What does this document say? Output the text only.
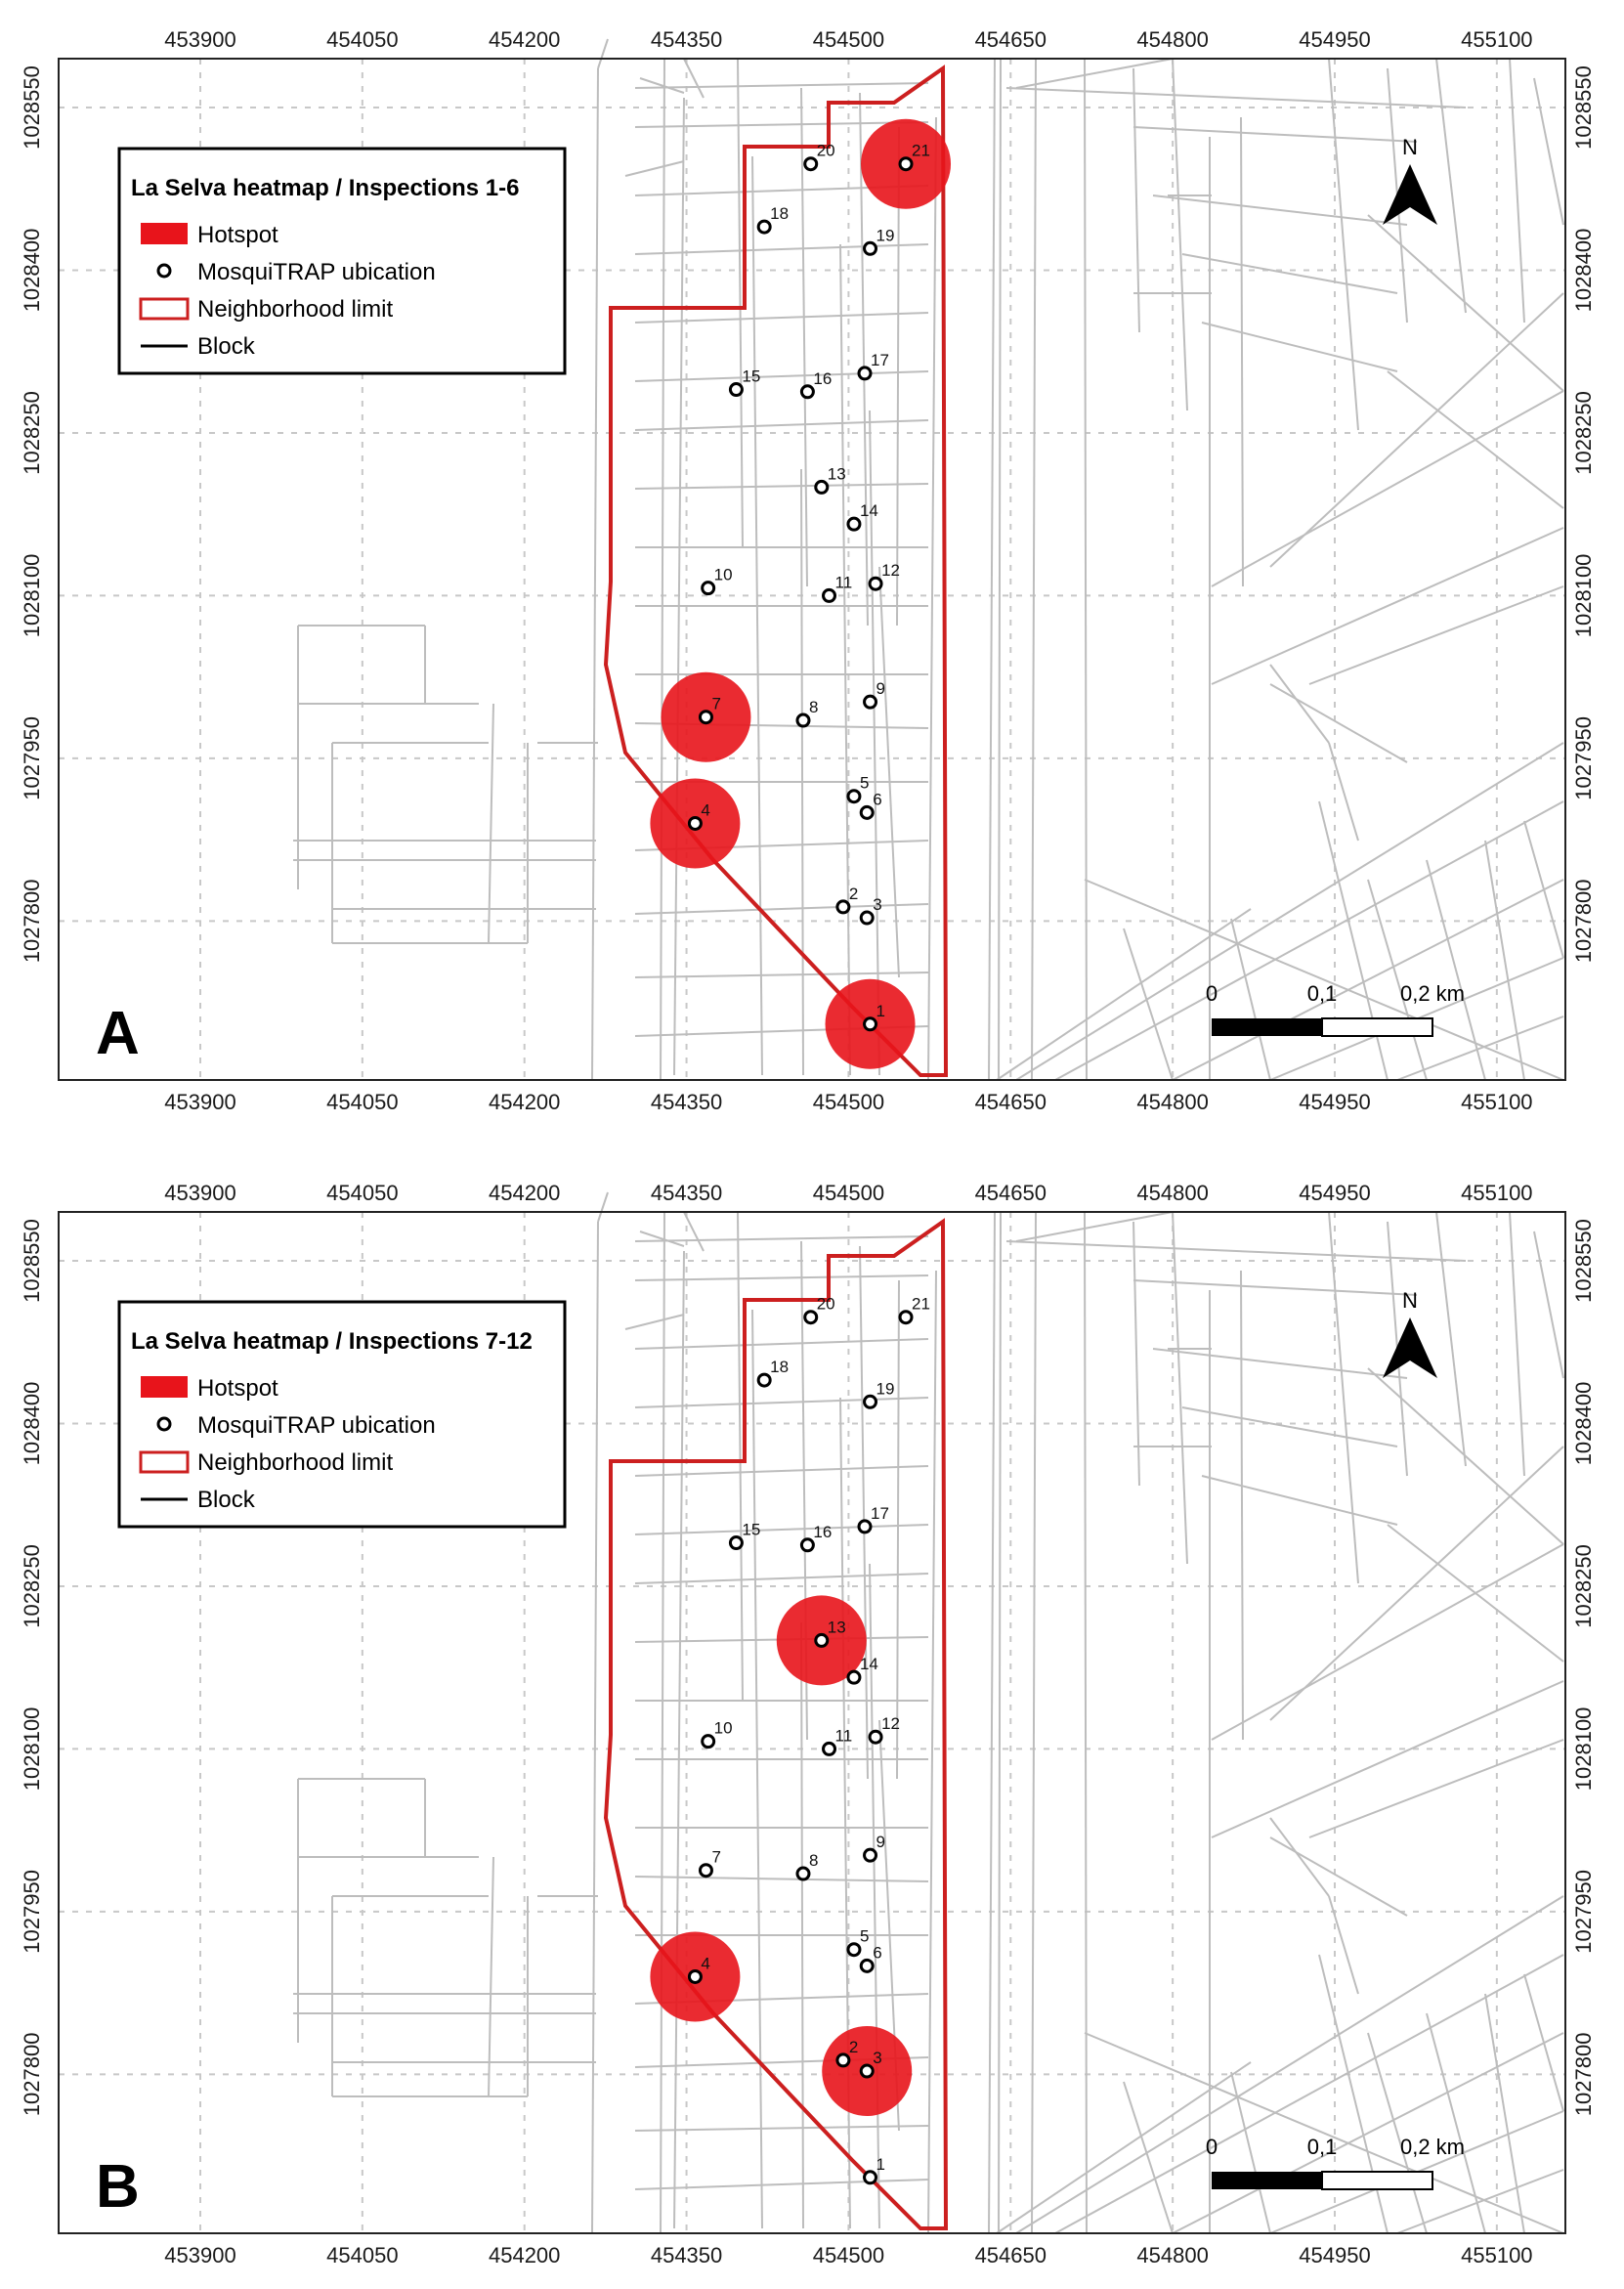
1
2
3
4
5
6
7	8
9
10	11
12
13
14
15	16
17
18
19
20	21
453900
453900
454050
454050
454200
454200
454350
454350
454500
454500
454650
454650
454800
454800
454950
454950
455100
455100
1028550	1028550
1028400	1028400
1028250	1028250
1028100	1028100
1027950	1027950
1027800	1027800
La Selva heatmap / Inspections 1-6
Hotspot
MosquiTRAP ubication
Neighborhood limit
Block
N
0	0,1	0,2 km
A
1
2
3
4
5
6
7	8
9
10	11
12
13
14
15	16
17
18
19
20	21
453900
453900
454050
454050
454200
454200
454350
454350
454500
454500
454650
454650
454800
454800
454950
454950
455100
455100
1028550	1028550
1028400	1028400
1028250	1028250
1028100	1028100
1027950	1027950
1027800	1027800
La Selva heatmap / Inspections 7-12
Hotspot
MosquiTRAP ubication
Neighborhood limit
Block
N
0	0,1	0,2 km
B
